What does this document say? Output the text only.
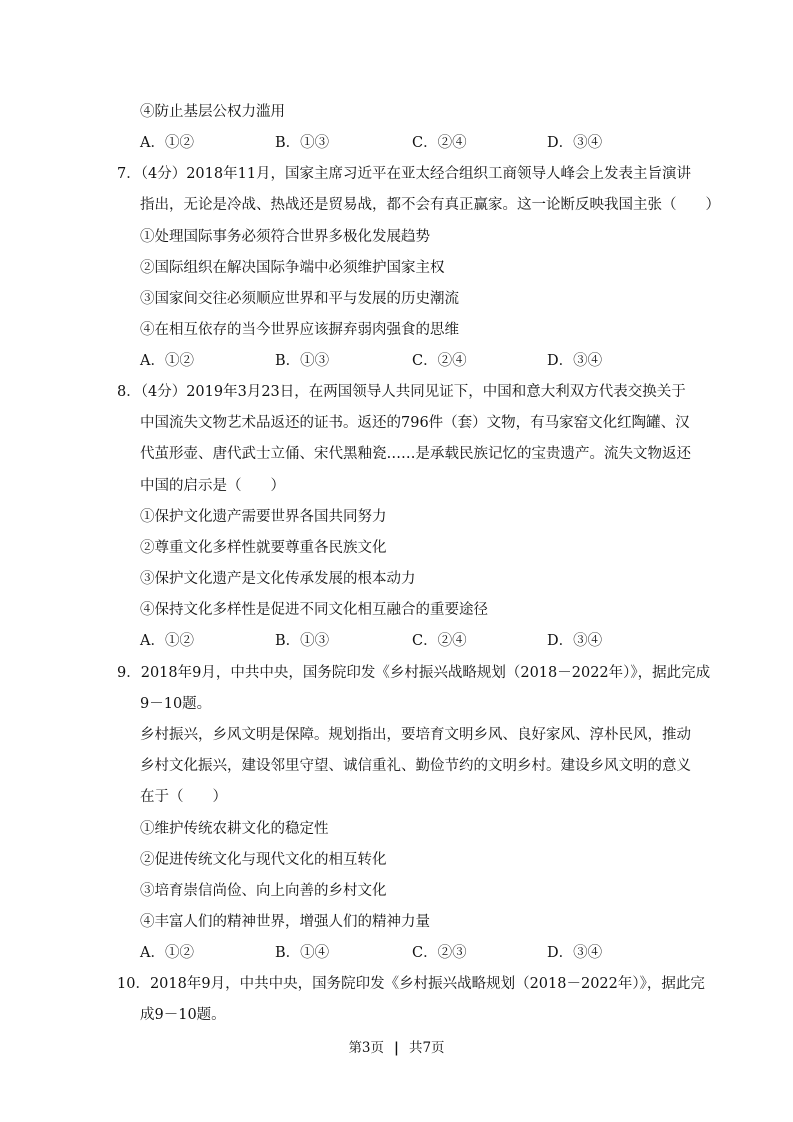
④防止基层公权力滥用
A．①②	B．①③	C．②④	D．③④
7．（4分）2018年11月，国家主席习近平在亚太经合组织工商领导人峰会上发表主旨演讲
指出，无论是冷战、热战还是贸易战，都不会有真正赢家。这一论断反映我国主张（　　）
①处理国际事务必须符合世界多极化发展趋势
②国际组织在解决国际争端中必须维护国家主权
③国家间交往必须顺应世界和平与发展的历史潮流
④在相互依存的当今世界应该摒弃弱肉强食的思维
A．①②	B．①③	C．②④	D．③④
8．（4分）2019年3月23日，在两国领导人共同见证下，中国和意大利双方代表交换关于
中国流失文物艺术品返还的证书。返还的796件（套）文物，有马家窑文化红陶罐、汉
代茧形壶、唐代武士立俑、宋代黑釉瓷……是承载民族记忆的宝贵遗产。流失文物返还
中国的启示是（　　）
①保护文化遗产需要世界各国共同努力
②尊重文化多样性就要尊重各民族文化
③保护文化遗产是文化传承发展的根本动力
④保持文化多样性是促进不同文化相互融合的重要途径
A．①②	B．①③	C．②④	D．③④
9．2018年9月，中共中央，国务院印发《乡村振兴战略规划（2018－2022年）》，据此完成
9－10题。
乡村振兴，乡风文明是保障。规划指出，要培育文明乡风、良好家风、淳朴民风，推动
乡村文化振兴，建设邻里守望、诚信重礼、勤俭节约的文明乡村。建设乡风文明的意义
在于（　　）
①维护传统农耕文化的稳定性
②促进传统文化与现代文化的相互转化
③培育崇信尚俭、向上向善的乡村文化
④丰富人们的精神世界，增强人们的精神力量
A．①②	B．①④	C．②③	D．③④
10．2018年9月，中共中央，国务院印发《乡村振兴战略规划（2018－2022年）》，据此完
成9－10题。
第3页 | 共7页
